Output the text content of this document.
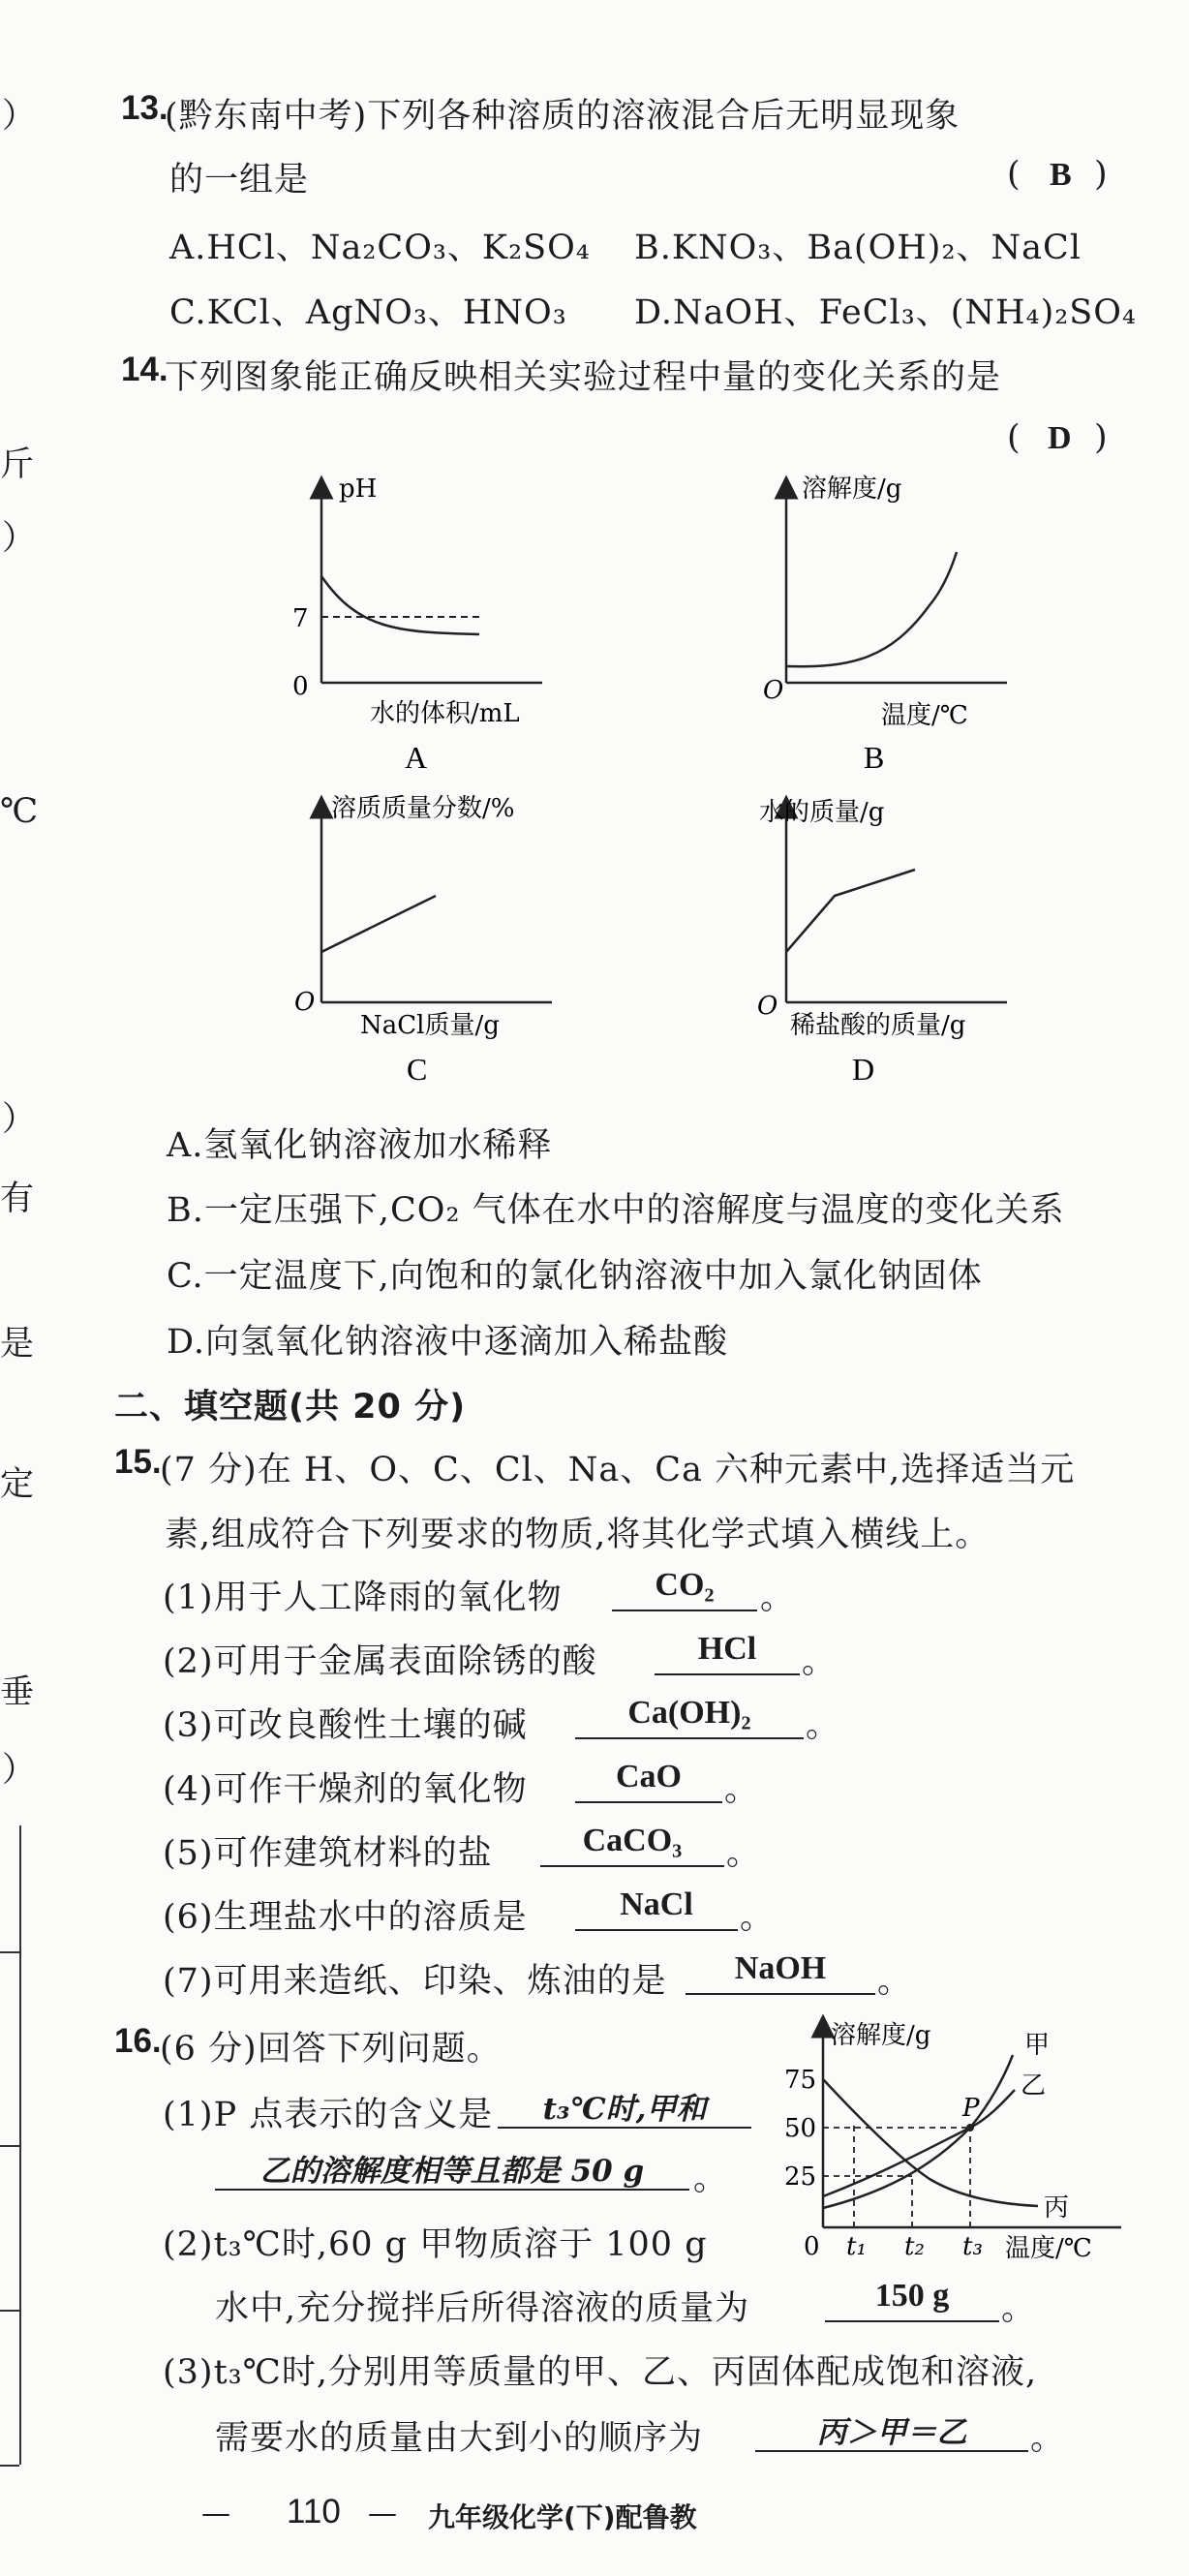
）
斤
）
℃
）
有
是
定
垂
）
13.
(黔东南中考)下列各种溶质的溶液混合后无明显现象
的一组是	( B )
A.HCl、Na₂CO₃、K₂SO₄ B.KNO₃、Ba(OH)₂、NaCl
C.KCl、AgNO₃、HNO₃ D.NaOH、FeCl₃、(NH₄)₂SO₄
14.
下列图象能正确反映相关实验过程中量的变化关系的是
( D )
pH
7
0
水的体积/mL
A
溶解度/g
O
温度/℃
B
溶质质量分数/%
O
NaCl质量/g
C
水的质量/g
O
稀盐酸的质量/g
D
A.氢氧化钠溶液加水稀释
B.一定压强下,CO₂ 气体在水中的溶解度与温度的变化关系
C.一定温度下,向饱和的氯化钠溶液中加入氯化钠固体
D.向氢氧化钠溶液中逐滴加入稀盐酸
二、填空题(共 20 分)
15.
(7 分)在 H、O、C、Cl、Na、Ca 六种元素中,选择适当元
素,组成符合下列要求的物质,将其化学式填入横线上。
(1)用于人工降雨的氧化物	CO₂	。
(2)可用于金属表面除锈的酸	HCl	。
(3)可改良酸性土壤的碱	Ca(OH)₂	。
(4)可作干燥剂的氧化物	CaO	。
(5)可作建筑材料的盐	CaCO₃	。
(6)生理盐水中的溶质是	NaCl	。
(7)可用来造纸、印染、炼油的是	NaOH	。
16.
(6 分)回答下列问题。
(1)P 点表示的含义是	t₃℃时,甲和
乙的溶解度相等且都是 50 g	。
(2)t₃℃时,60 g 甲物质溶于 100 g
水中,充分搅拌后所得溶液的质量为	150 g	。
(3)t₃℃时,分别用等质量的甲、乙、丙固体配成饱和溶液,
需要水的质量由大到小的顺序为	丙＞甲＝乙	。
溶解度/g
75
50
25
0 t₁ t₂ t₃ 温度/℃
甲
乙
丙
P
— 110 — 九年级化学(下)配鲁教
